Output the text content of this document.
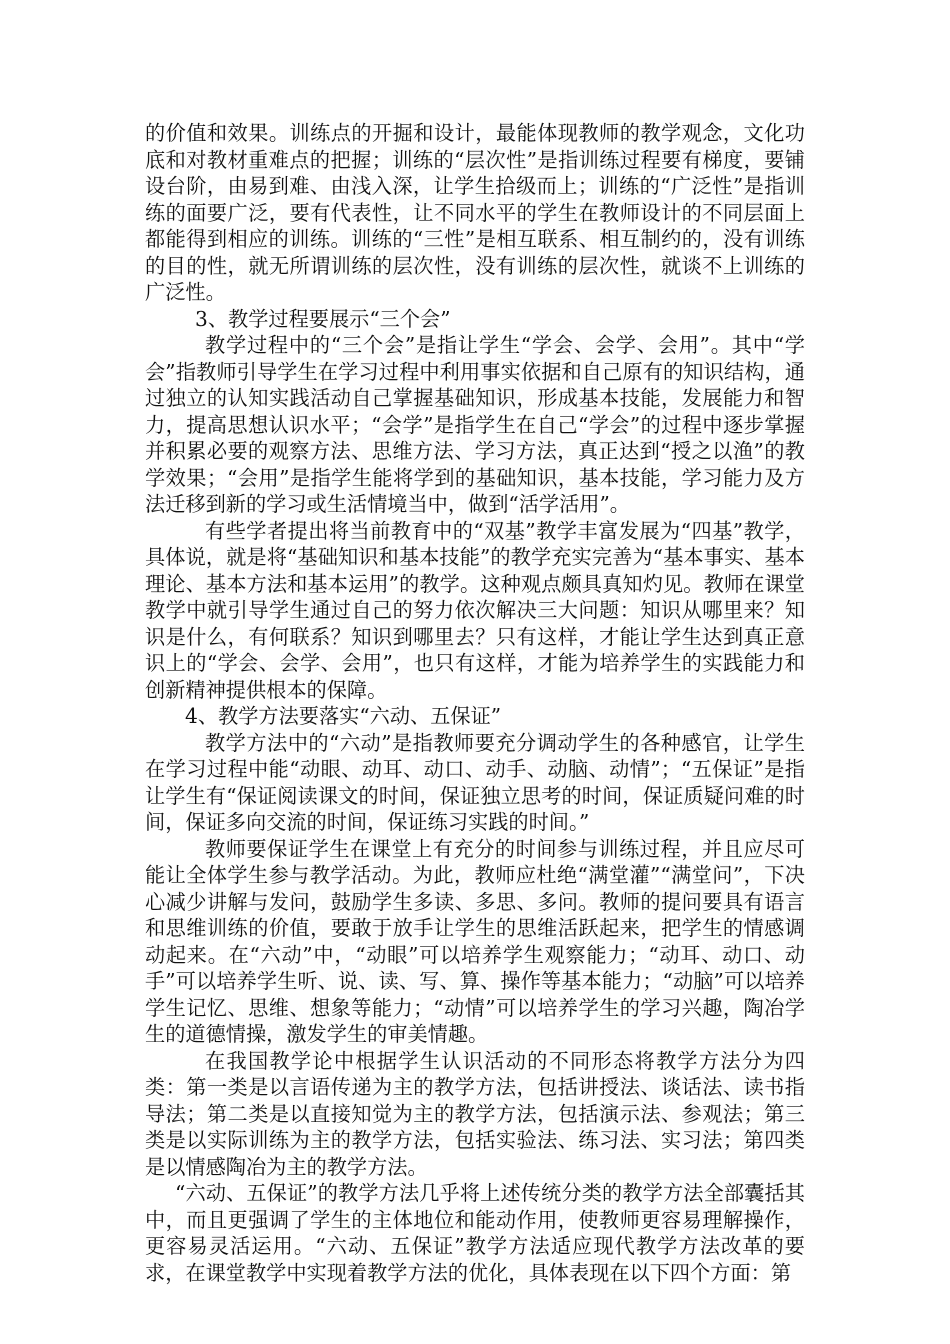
的价值和效果。训练点的开掘和设计，最能体现教师的教学观念，文化功底和对教材重难点的把握；训练的“层次性”是指训练过程要有梯度，要铺设台阶，由易到难、由浅入深，让学生拾级而上；训练的“广泛性”是指训练的面要广泛，要有代表性，让不同水平的学生在教师设计的不同层面上都能得到相应的训练。训练的“三性”是相互联系、相互制约的，没有训练的目的性，就无所谓训练的层次性，没有训练的层次性，就谈不上训练的广泛性。

3、教学过程要展示“三个会”

教学过程中的“三个会”是指让学生“学会、会学、会用”。其中“学会”指教师引导学生在学习过程中利用事实依据和自己原有的知识结构，通过独立的认知实践活动自己掌握基础知识，形成基本技能，发展能力和智力，提高思想认识水平；“会学”是指学生在自己“学会”的过程中逐步掌握并积累必要的观察方法、思维方法、学习方法，真正达到“授之以渔”的教学效果；“会用”是指学生能将学到的基础知识，基本技能，学习能力及方法迁移到新的学习或生活情境当中，做到“活学活用”。

有些学者提出将当前教育中的“双基”教学丰富发展为“四基”教学，具体说，就是将“基础知识和基本技能”的教学充实完善为“基本事实、基本理论、基本方法和基本运用”的教学。这种观点颇具真知灼见。教师在课堂教学中就引导学生通过自己的努力依次解决三大问题：知识从哪里来？知识是什么，有何联系？知识到哪里去？只有这样，才能让学生达到真正意识上的“学会、会学、会用”，也只有这样，才能为培养学生的实践能力和创新精神提供根本的保障。

4、教学方法要落实“六动、五保证”

教学方法中的“六动”是指教师要充分调动学生的各种感官，让学生在学习过程中能“动眼、动耳、动口、动手、动脑、动情”；“五保证”是指让学生有“保证阅读课文的时间，保证独立思考的时间，保证质疑问难的时间，保证多向交流的时间，保证练习实践的时间。”

教师要保证学生在课堂上有充分的时间参与训练过程，并且应尽可能让全体学生参与教学活动。为此，教师应杜绝“满堂灌”“满堂问”，下决心减少讲解与发问，鼓励学生多读、多思、多问。教师的提问要具有语言和思维训练的价值，要敢于放手让学生的思维活跃起来，把学生的情感调动起来。在“六动”中，“动眼”可以培养学生观察能力；“动耳、动口、动手”可以培养学生听、说、读、写、算、操作等基本能力；“动脑”可以培养学生记忆、思维、想象等能力；“动情”可以培养学生的学习兴趣，陶冶学生的道德情操，激发学生的审美情趣。

在我国教学论中根据学生认识活动的不同形态将教学方法分为四类：第一类是以言语传递为主的教学方法，包括讲授法、谈话法、读书指导法；第二类是以直接知觉为主的教学方法，包括演示法、参观法；第三类是以实际训练为主的教学方法，包括实验法、练习法、实习法；第四类是以情感陶冶为主的教学方法。

“六动、五保证”的教学方法几乎将上述传统分类的教学方法全部囊括其中，而且更强调了学生的主体地位和能动作用，使教师更容易理解操作，更容易灵活运用。“六动、五保证”教学方法适应现代教学方法改革的要求，在课堂教学中实现着教学方法的优化，具体表现在以下四个方面：第
